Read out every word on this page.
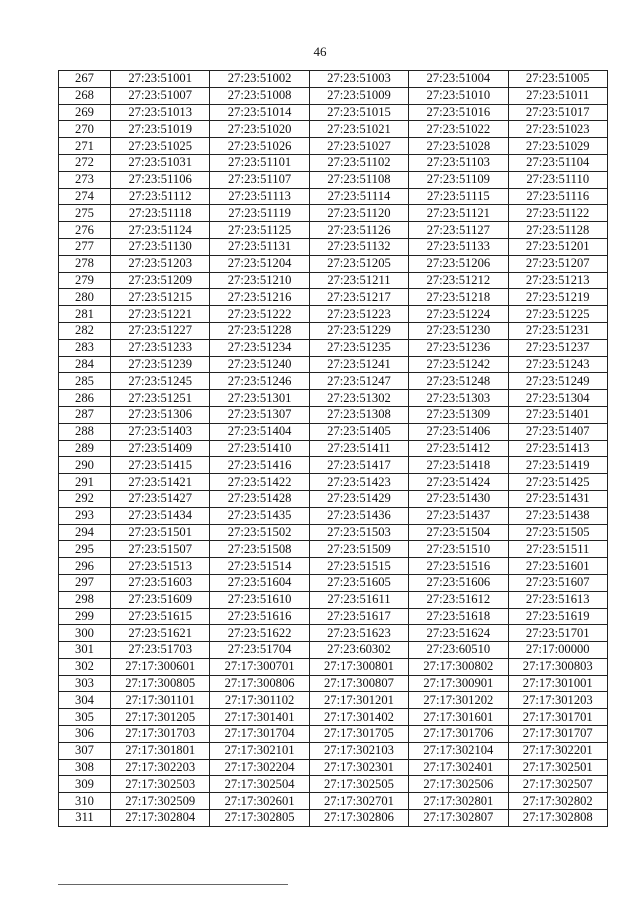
46
267	27:23:51001	27:23:51002	27:23:51003	27:23:51004	27:23:51005
268	27:23:51007	27:23:51008	27:23:51009	27:23:51010	27:23:51011
269	27:23:51013	27:23:51014	27:23:51015	27:23:51016	27:23:51017
270	27:23:51019	27:23:51020	27:23:51021	27:23:51022	27:23:51023
271	27:23:51025	27:23:51026	27:23:51027	27:23:51028	27:23:51029
272	27:23:51031	27:23:51101	27:23:51102	27:23:51103	27:23:51104
273	27:23:51106	27:23:51107	27:23:51108	27:23:51109	27:23:51110
274	27:23:51112	27:23:51113	27:23:51114	27:23:51115	27:23:51116
275	27:23:51118	27:23:51119	27:23:51120	27:23:51121	27:23:51122
276	27:23:51124	27:23:51125	27:23:51126	27:23:51127	27:23:51128
277	27:23:51130	27:23:51131	27:23:51132	27:23:51133	27:23:51201
278	27:23:51203	27:23:51204	27:23:51205	27:23:51206	27:23:51207
279	27:23:51209	27:23:51210	27:23:51211	27:23:51212	27:23:51213
280	27:23:51215	27:23:51216	27:23:51217	27:23:51218	27:23:51219
281	27:23:51221	27:23:51222	27:23:51223	27:23:51224	27:23:51225
282	27:23:51227	27:23:51228	27:23:51229	27:23:51230	27:23:51231
283	27:23:51233	27:23:51234	27:23:51235	27:23:51236	27:23:51237
284	27:23:51239	27:23:51240	27:23:51241	27:23:51242	27:23:51243
285	27:23:51245	27:23:51246	27:23:51247	27:23:51248	27:23:51249
286	27:23:51251	27:23:51301	27:23:51302	27:23:51303	27:23:51304
287	27:23:51306	27:23:51307	27:23:51308	27:23:51309	27:23:51401
288	27:23:51403	27:23:51404	27:23:51405	27:23:51406	27:23:51407
289	27:23:51409	27:23:51410	27:23:51411	27:23:51412	27:23:51413
290	27:23:51415	27:23:51416	27:23:51417	27:23:51418	27:23:51419
291	27:23:51421	27:23:51422	27:23:51423	27:23:51424	27:23:51425
292	27:23:51427	27:23:51428	27:23:51429	27:23:51430	27:23:51431
293	27:23:51434	27:23:51435	27:23:51436	27:23:51437	27:23:51438
294	27:23:51501	27:23:51502	27:23:51503	27:23:51504	27:23:51505
295	27:23:51507	27:23:51508	27:23:51509	27:23:51510	27:23:51511
296	27:23:51513	27:23:51514	27:23:51515	27:23:51516	27:23:51601
297	27:23:51603	27:23:51604	27:23:51605	27:23:51606	27:23:51607
298	27:23:51609	27:23:51610	27:23:51611	27:23:51612	27:23:51613
299	27:23:51615	27:23:51616	27:23:51617	27:23:51618	27:23:51619
300	27:23:51621	27:23:51622	27:23:51623	27:23:51624	27:23:51701
301	27:23:51703	27:23:51704	27:23:60302	27:23:60510	27:17:00000
302	27:17:300601	27:17:300701	27:17:300801	27:17:300802	27:17:300803
303	27:17:300805	27:17:300806	27:17:300807	27:17:300901	27:17:301001
304	27:17:301101	27:17:301102	27:17:301201	27:17:301202	27:17:301203
305	27:17:301205	27:17:301401	27:17:301402	27:17:301601	27:17:301701
306	27:17:301703	27:17:301704	27:17:301705	27:17:301706	27:17:301707
307	27:17:301801	27:17:302101	27:17:302103	27:17:302104	27:17:302201
308	27:17:302203	27:17:302204	27:17:302301	27:17:302401	27:17:302501
309	27:17:302503	27:17:302504	27:17:302505	27:17:302506	27:17:302507
310	27:17:302509	27:17:302601	27:17:302701	27:17:302801	27:17:302802
311	27:17:302804	27:17:302805	27:17:302806	27:17:302807	27:17:302808
